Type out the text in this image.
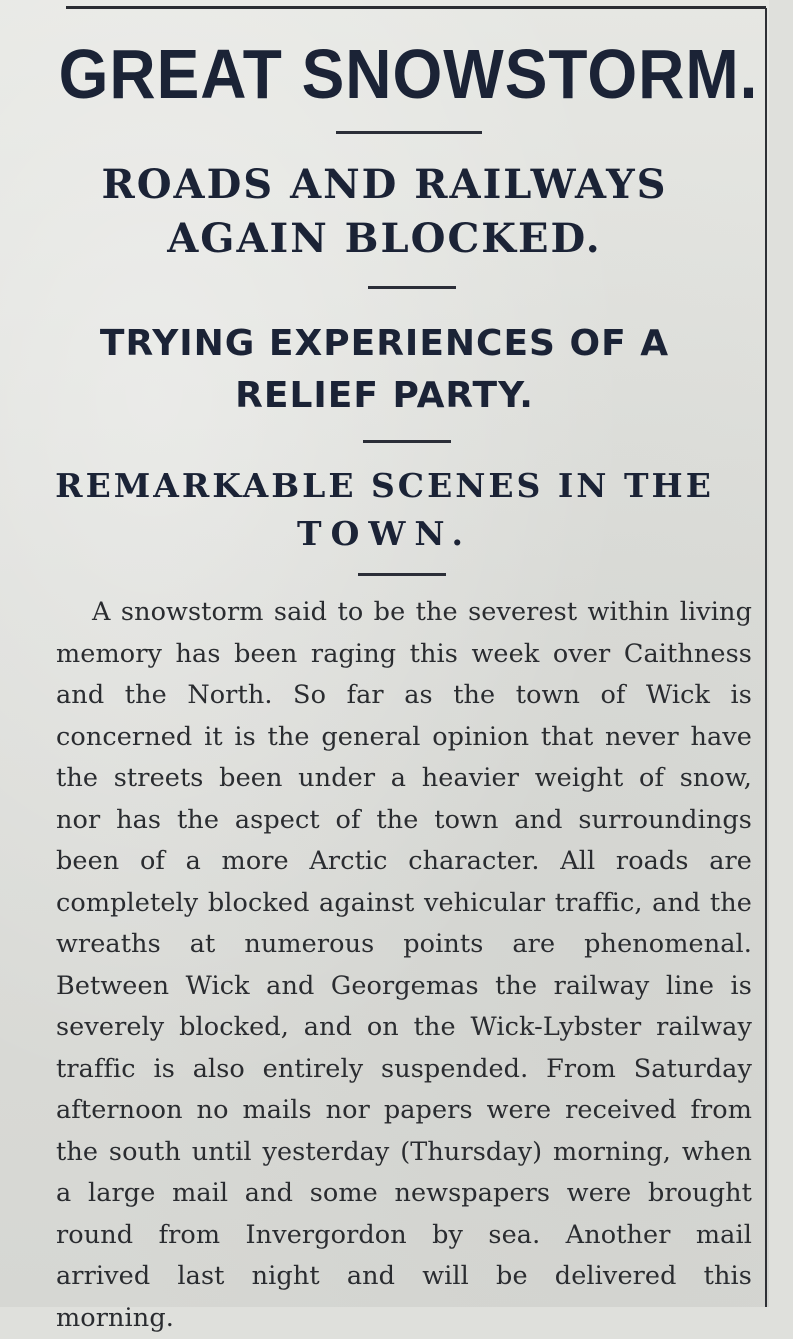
GREAT SNOWSTORM.
ROADS AND RAILWAYS
AGAIN BLOCKED.
TRYING EXPERIENCES OF A
RELIEF PARTY.
REMARKABLE SCENES IN THE
TOWN.

A snowstorm said to be the severest within living memory has been raging this week over Caithness and the North. So far as the town of Wick is concerned it is the general opinion that never have the streets been under a heavier weight of snow, nor has the aspect of the town and surroundings been of a more Arctic character. All roads are completely blocked against vehicular traffic, and the wreaths at numerous points are phenomenal. Between Wick and Georgemas the railway line is severely blocked, and on the Wick-Lybster railway traffic is also entirely suspended. From Saturday afternoon no mails nor papers were received from the south until yesterday (Thursday) morning, when a large mail and some newspapers were brought round from Invergordon by sea. Another mail arrived last night and will be delivered this morning.
